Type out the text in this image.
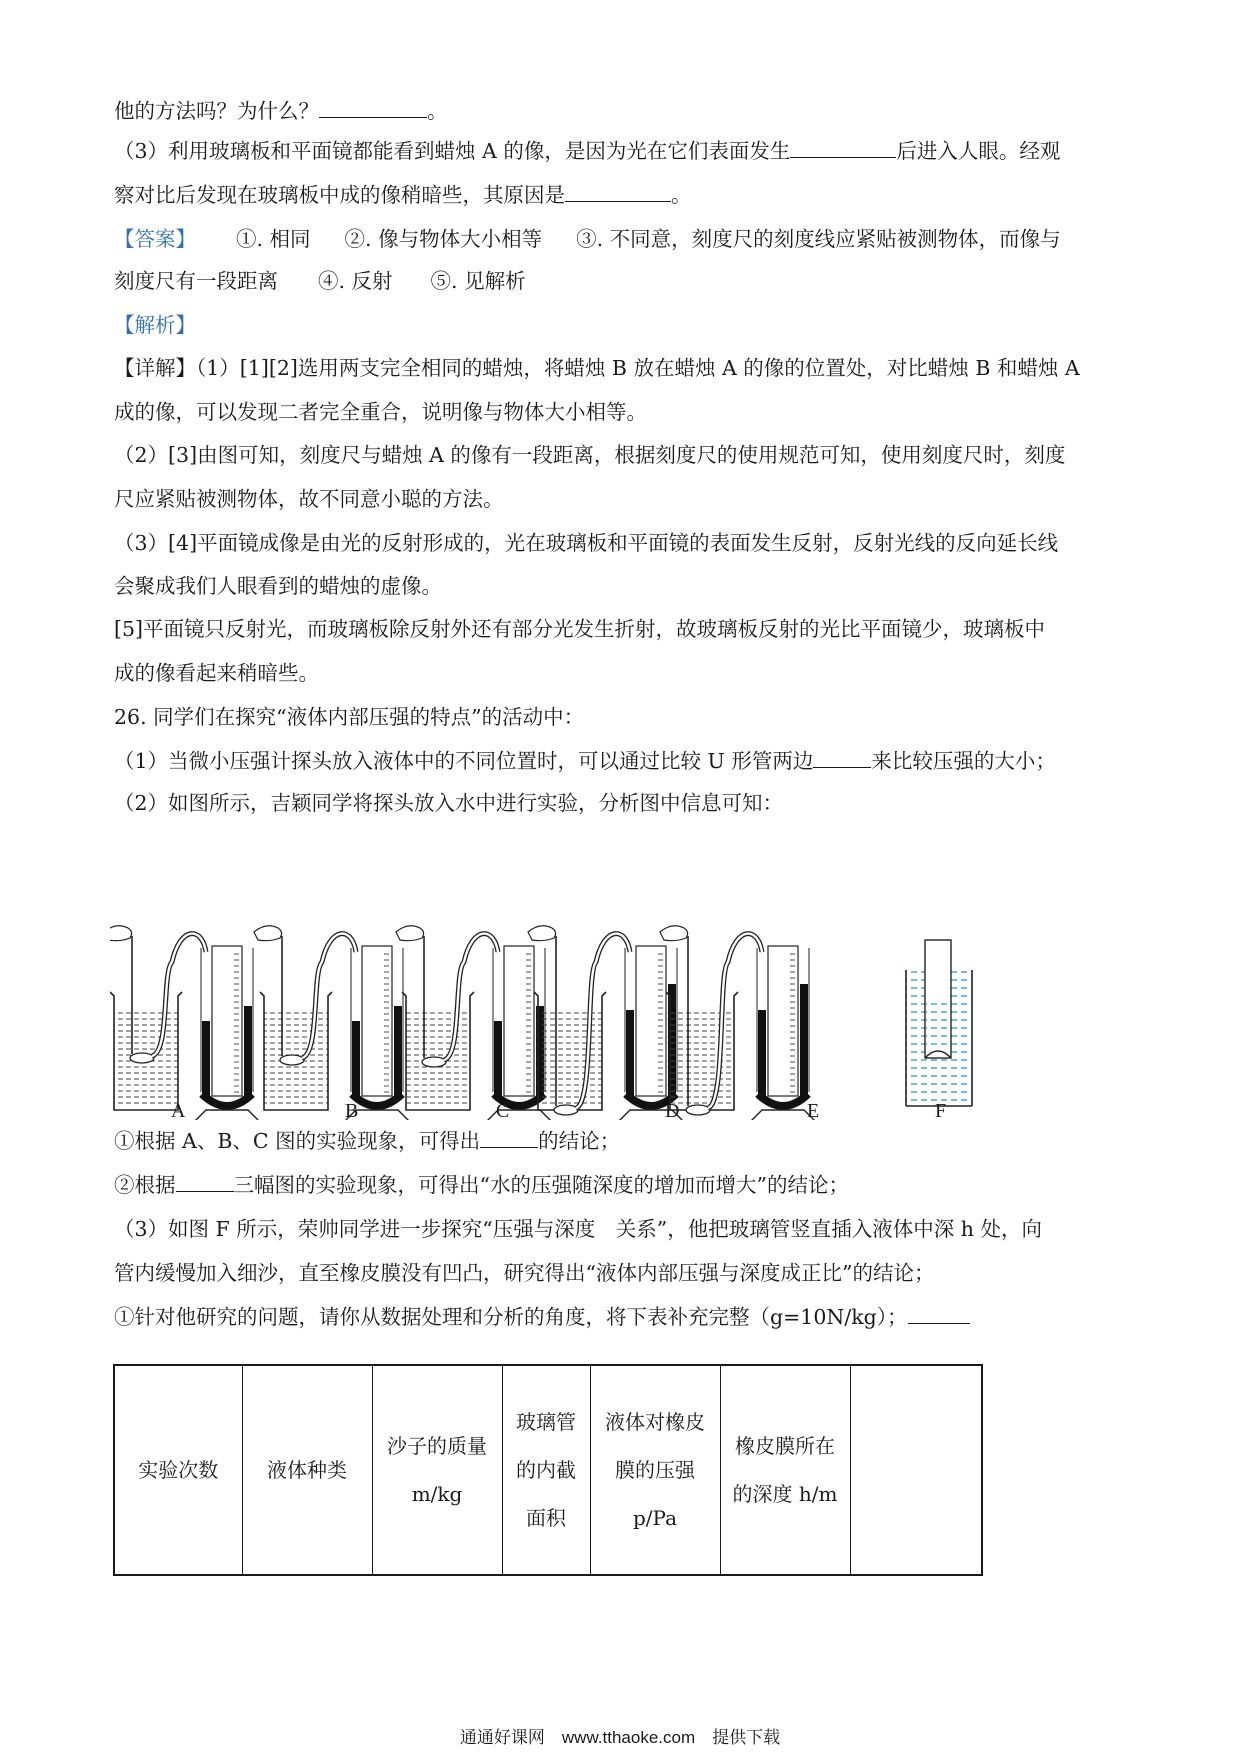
他的方法吗？为什么？	。
（3）利用玻璃板和平面镜都能看到蜡烛 A 的像，是因为光在它们表面发生	后进入人眼。经观
察对比后发现在玻璃板中成的像稍暗些，其原因是	。
【答案】 ①. 相同 ②. 像与物体大小相等 ③. 不同意，刻度尺的刻度线应紧贴被测物体，而像与
刻度尺有一段距离 ④. 反射 ⑤. 见解析
【解析】
【详解】（1）[1][2]选用两支完全相同的蜡烛，将蜡烛 B 放在蜡烛 A 的像的位置处，对比蜡烛 B 和蜡烛 A
成的像，可以发现二者完全重合，说明像与物体大小相等。
（2）[3]由图可知，刻度尺与蜡烛 A 的像有一段距离，根据刻度尺的使用规范可知，使用刻度尺时，刻度
尺应紧贴被测物体，故不同意小聪的方法。
（3）[4]平面镜成像是由光的反射形成的，光在玻璃板和平面镜的表面发生反射，反射光线的反向延长线
会聚成我们人眼看到的蜡烛的虚像。
[5]平面镜只反射光，而玻璃板除反射外还有部分光发生折射，故玻璃板反射的光比平面镜少，玻璃板中
成的像看起来稍暗些。
26. 同学们在探究“液体内部压强的特点”的活动中：
（1）当微小压强计探头放入液体中的不同位置时，可以通过比较 U 形管两边	来比较压强的大小；
（2）如图所示，吉颖同学将探头放入水中进行实验，分析图中信息可知：
A	B	C	D	E	F
①根据 A、B、C 图的实验现象，可得出	的结论；
②根据	三幅图的实验现象，可得出“水的压强随深度的增加而增大”的结论；
（3）如图 F 所示，荣帅同学进一步探究“压强与深度　关系”，他把玻璃管竖直插入液体中深 h 处，向
管内缓慢加入细沙，直至橡皮膜没有凹凸，研究得出“液体内部压强与深度成正比”的结论；
①针对他研究的问题，请你从数据处理和分析的角度，将下表补充完整（g=10N/kg）；
实验次数	液体种类	沙子的质量 m/kg	玻璃管的内截面积	液体对橡皮膜的压强 p/Pa	橡皮膜所在的深度 h/m	
通通好课网　www.tthaoke.com　提供下载
